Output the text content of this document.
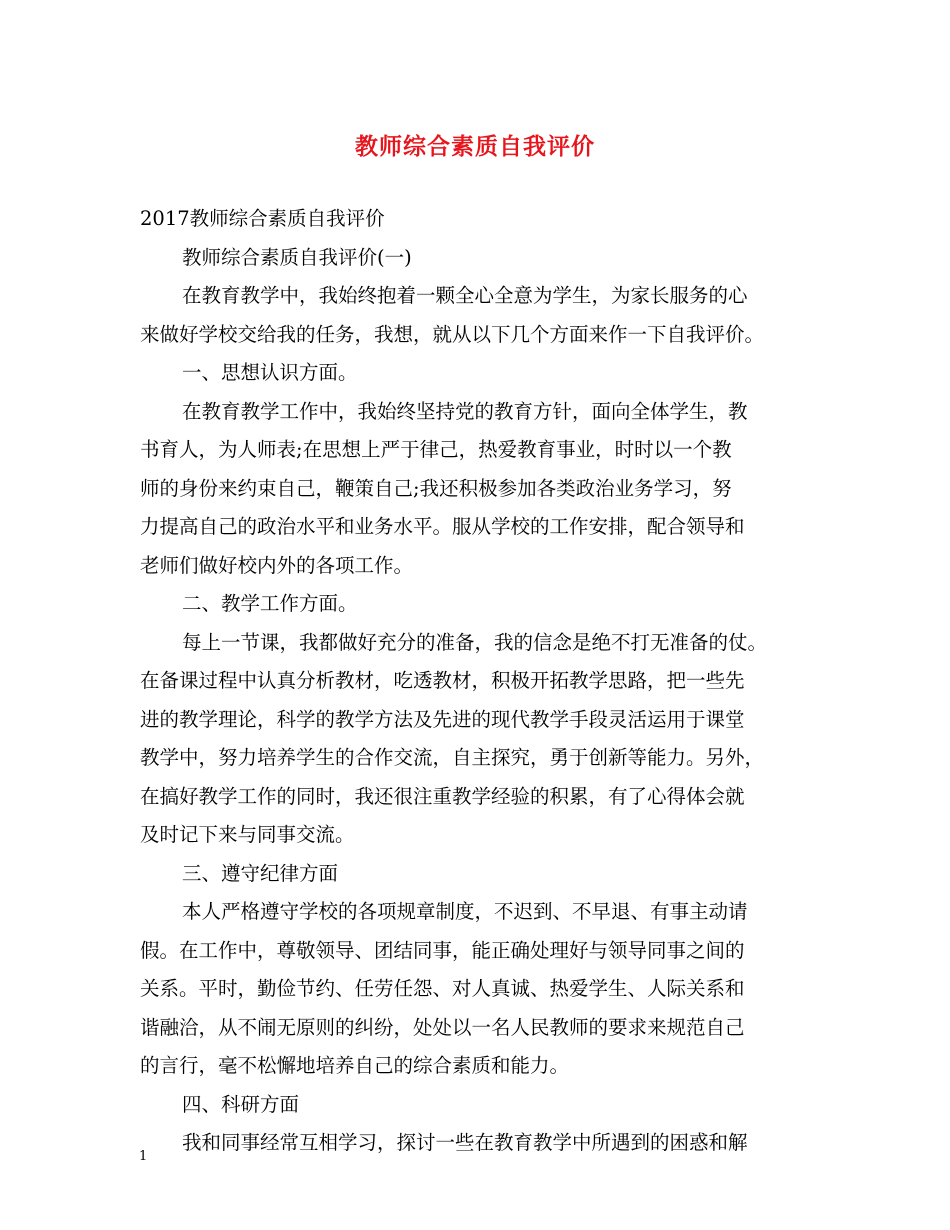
教师综合素质自我评价
2017教师综合素质自我评价
教师综合素质自我评价(一)
在教育教学中，我始终抱着一颗全心全意为学生，为家长服务的心
来做好学校交给我的任务，我想，就从以下几个方面来作一下自我评价。
一、思想认识方面。
在教育教学工作中，我始终坚持党的教育方针，面向全体学生，教
书育人，为人师表;在思想上严于律己，热爱教育事业，时时以一个教
师的身份来约束自己，鞭策自己;我还积极参加各类政治业务学习，努
力提高自己的政治水平和业务水平。服从学校的工作安排，配合领导和
老师们做好校内外的各项工作。
二、教学工作方面。
每上一节课，我都做好充分的准备，我的信念是绝不打无准备的仗。
在备课过程中认真分析教材，吃透教材，积极开拓教学思路，把一些先
进的教学理论，科学的教学方法及先进的现代教学手段灵活运用于课堂
教学中，努力培养学生的合作交流，自主探究，勇于创新等能力。另外，
在搞好教学工作的同时，我还很注重教学经验的积累，有了心得体会就
及时记下来与同事交流。
三、遵守纪律方面
本人严格遵守学校的各项规章制度，不迟到、不早退、有事主动请
假。在工作中，尊敬领导、团结同事，能正确处理好与领导同事之间的
关系。平时，勤俭节约、任劳任怨、对人真诚、热爱学生、人际关系和
谐融洽，从不闹无原则的纠纷，处处以一名人民教师的要求来规范自己
的言行，毫不松懈地培养自己的综合素质和能力。
四、科研方面
我和同事经常互相学习，探讨一些在教育教学中所遇到的困惑和解
1
